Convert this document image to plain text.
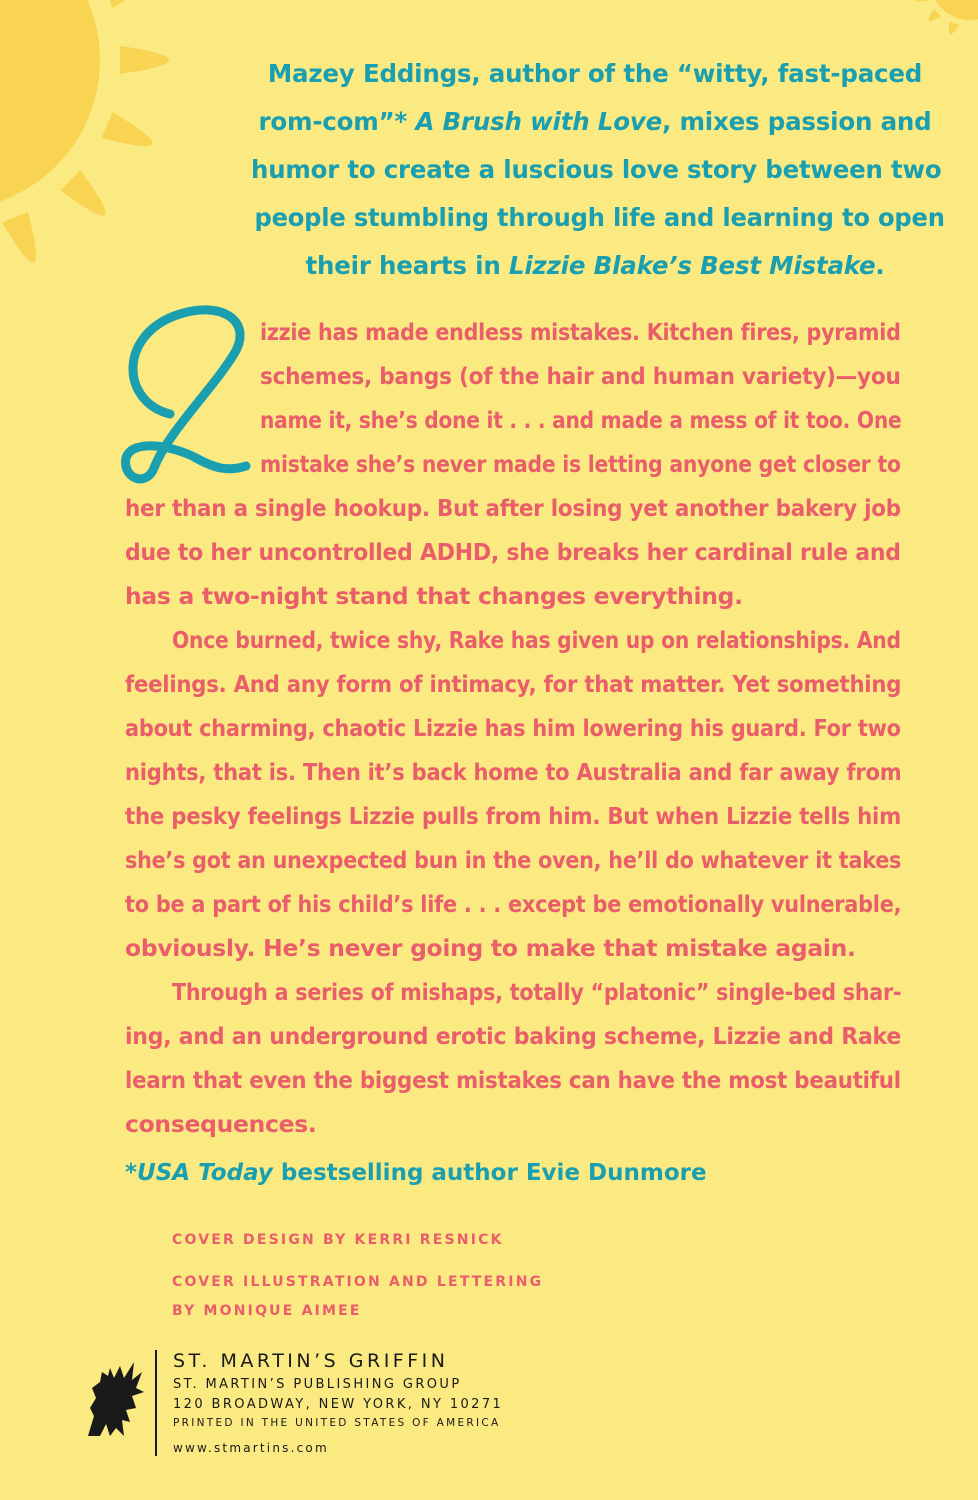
Mazey Eddings, author of the “witty, fast-paced
rom-com”* A Brush with Love, mixes passion and
humor to create a luscious love story between two
people stumbling through life and learning to open
their hearts in Lizzie Blake’s Best Mistake.
izzie has made endless mistakes. Kitchen fires, pyramid
schemes, bangs (of the hair and human variety)—you
name it, she’s done it . . . and made a mess of it too. One
mistake she’s never made is letting anyone get closer to
her than a single hookup. But after losing yet another bakery job
due to her uncontrolled ADHD, she breaks her cardinal rule and
has a two-night stand that changes everything.
Once burned, twice shy, Rake has given up on relationships. And
feelings. And any form of intimacy, for that matter. Yet something
about charming, chaotic Lizzie has him lowering his guard. For two
nights, that is. Then it’s back home to Australia and far away from
the pesky feelings Lizzie pulls from him. But when Lizzie tells him
she’s got an unexpected bun in the oven, he’ll do whatever it takes
to be a part of his child’s life . . . except be emotionally vulnerable,
obviously. He’s never going to make that mistake again.
Through a series of mishaps, totally “platonic” single-bed shar-
ing, and an underground erotic baking scheme, Lizzie and Rake
learn that even the biggest mistakes can have the most beautiful
consequences.
*USA Today bestselling author Evie Dunmore
COVER DESIGN BY KERRI RESNICK
COVER ILLUSTRATION AND LETTERING
BY MONIQUE AIMEE
ST. MARTIN’S GRIFFIN
ST. MARTIN’S PUBLISHING GROUP
120 BROADWAY, NEW YORK, NY 10271
PRINTED IN THE UNITED STATES OF AMERICA
www.stmartins.com
